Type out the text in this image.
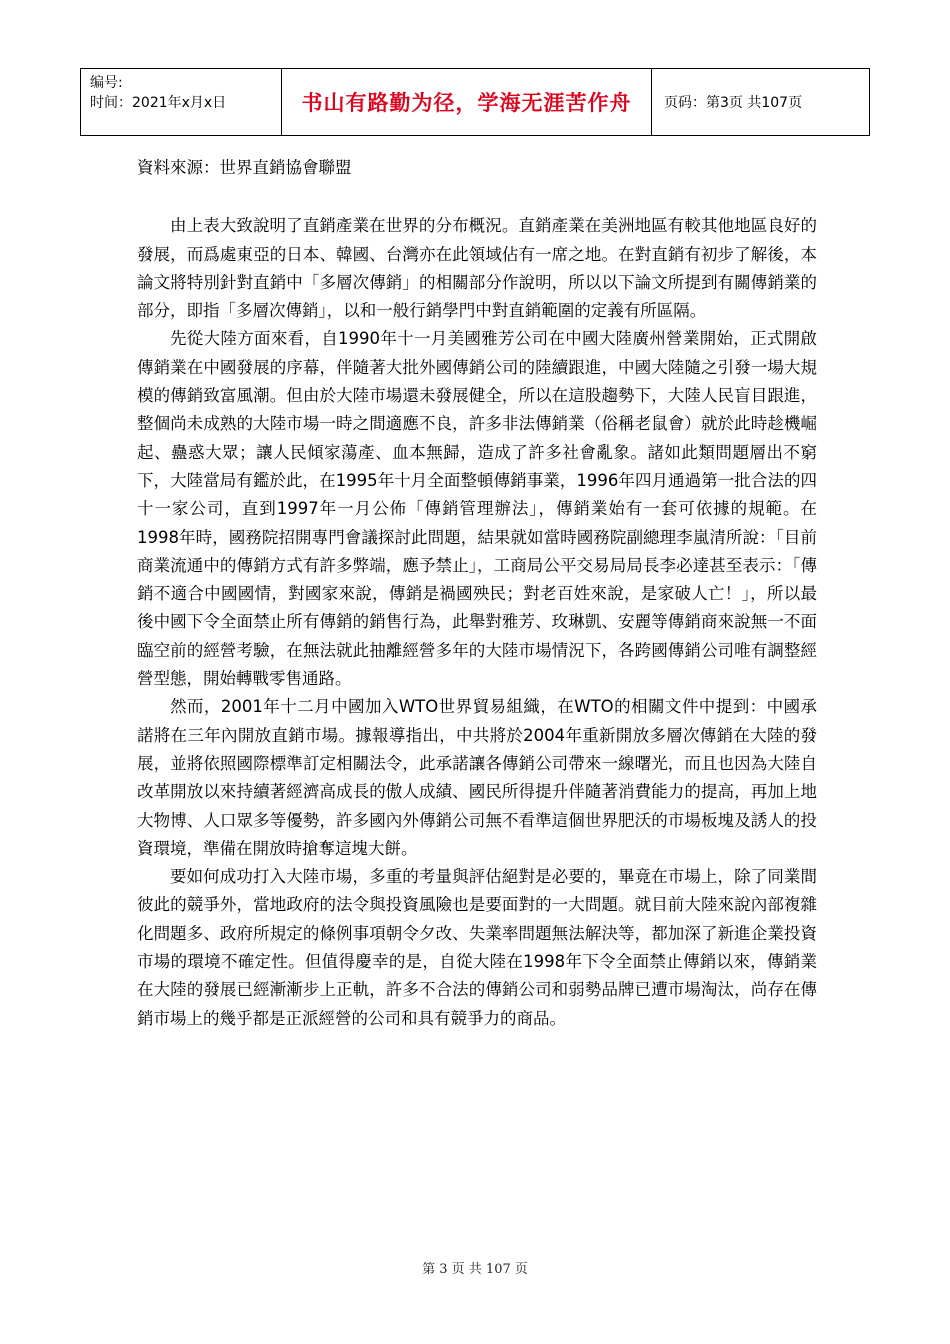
编号:
时间：2021年x月x日	书山有路勤为径，学海无涯苦作舟	页码：第3页 共107页
資料來源：世界直銷協會聯盟

由上表大致說明了直銷產業在世界的分布概況。直銷產業在美洲地區有較其他地區良好的發展，而爲處東亞的日本、韓國、台灣亦在此領域佔有一席之地。在對直銷有初步了解後，本論文將特別針對直銷中「多層次傳銷」的相關部分作說明，所以以下論文所提到有關傳銷業的部分，即指「多層次傳銷」，以和一般行銷學門中對直銷範圍的定義有所區隔。

先從大陸方面來看，自1990年十一月美國雅芳公司在中國大陸廣州營業開始，正式開啟傳銷業在中國發展的序幕，伴隨著大批外國傳銷公司的陸續跟進，中國大陸隨之引發一場大規模的傳銷致富風潮。但由於大陸市場還未發展健全，所以在這股趨勢下，大陸人民盲目跟進，整個尚未成熟的大陸市場一時之間適應不良，許多非法傳銷業（俗稱老鼠會）就於此時趁機崛起、蠱惑大眾；讓人民傾家蕩產、血本無歸，造成了許多社會亂象。諸如此類問題層出不窮下，大陸當局有鑑於此，在1995年十月全面整頓傳銷事業，1996年四月通過第一批合法的四十一家公司，直到1997年一月公佈「傳銷管理辦法」，傳銷業始有一套可依據的規範。在1998年時，國務院招開專門會議探討此問題，結果就如當時國務院副總理李嵐清所說：「目前商業流通中的傳銷方式有許多弊端，應予禁止」，工商局公平交易局局長李必達甚至表示：「傳銷不適合中國國情，對國家來說，傳銷是禍國殃民；對老百姓來說，是家破人亡！」，所以最後中國下令全面禁止所有傳銷的銷售行為，此舉對雅芳、玫琳凱、安麗等傳銷商來說無一不面臨空前的經營考驗，在無法就此抽離經營多年的大陸市場情況下，各跨國傳銷公司唯有調整經營型態，開始轉戰零售通路。

然而，2001年十二月中國加入WTO世界貿易組織，在WTO的相關文件中提到：中國承諾將在三年內開放直銷市場。據報導指出，中共將於2004年重新開放多層次傳銷在大陸的發展，並將依照國際標準訂定相關法令，此承諾讓各傳銷公司帶來一線曙光，而且也因為大陸自改革開放以來持續著經濟高成長的傲人成績、國民所得提升伴隨著消費能力的提高，再加上地大物博、人口眾多等優勢，許多國內外傳銷公司無不看準這個世界肥沃的市場板塊及誘人的投資環境，準備在開放時搶奪這塊大餅。

要如何成功打入大陸市場，多重的考量與評估絕對是必要的，畢竟在市場上，除了同業間彼此的競爭外，當地政府的法令與投資風險也是要面對的一大問題。就目前大陸來說內部複雜化問題多、政府所規定的條例事項朝令夕改、失業率問題無法解決等，都加深了新進企業投資市場的環境不確定性。但值得慶幸的是，自從大陸在1998年下令全面禁止傳銷以來，傳銷業在大陸的發展已經漸漸步上正軌，許多不合法的傳銷公司和弱勢品牌已遭市場淘汰，尚存在傳銷市場上的幾乎都是正派經營的公司和具有競爭力的商品。

第 3 页 共 107 页
